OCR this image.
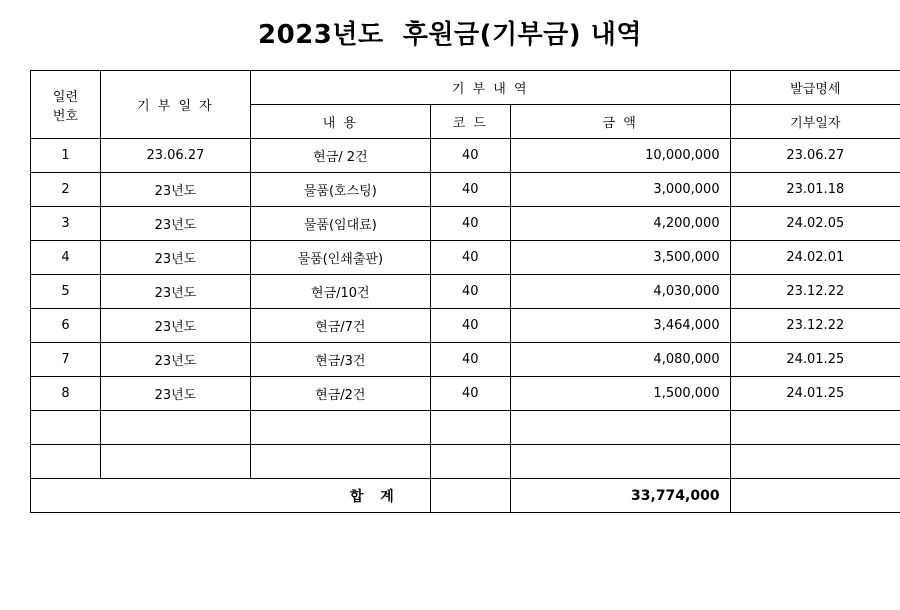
2023년도  후원금(기부금) 내역
일련
번호	기 부 일 자	기 부 내 역			발급명세
		내 용	코 드	금 액	기부일자
1	23.06.27	현금/ 2건	40	10,000,000	23.06.27
2	23년도	물품(호스팅)	40	3,000,000	23.01.18
3	23년도	물품(임대료)	40	4,200,000	24.02.05
4	23년도	물품(인쇄출판)	40	3,500,000	24.02.01
5	23년도	현금/10건	40	4,030,000	23.12.22
6	23년도	현금/7건	40	3,464,000	23.12.22
7	23년도	현금/3건	40	4,080,000	24.01.25
8	23년도	현금/2건	40	1,500,000	24.01.25

합 계				33,774,000	
